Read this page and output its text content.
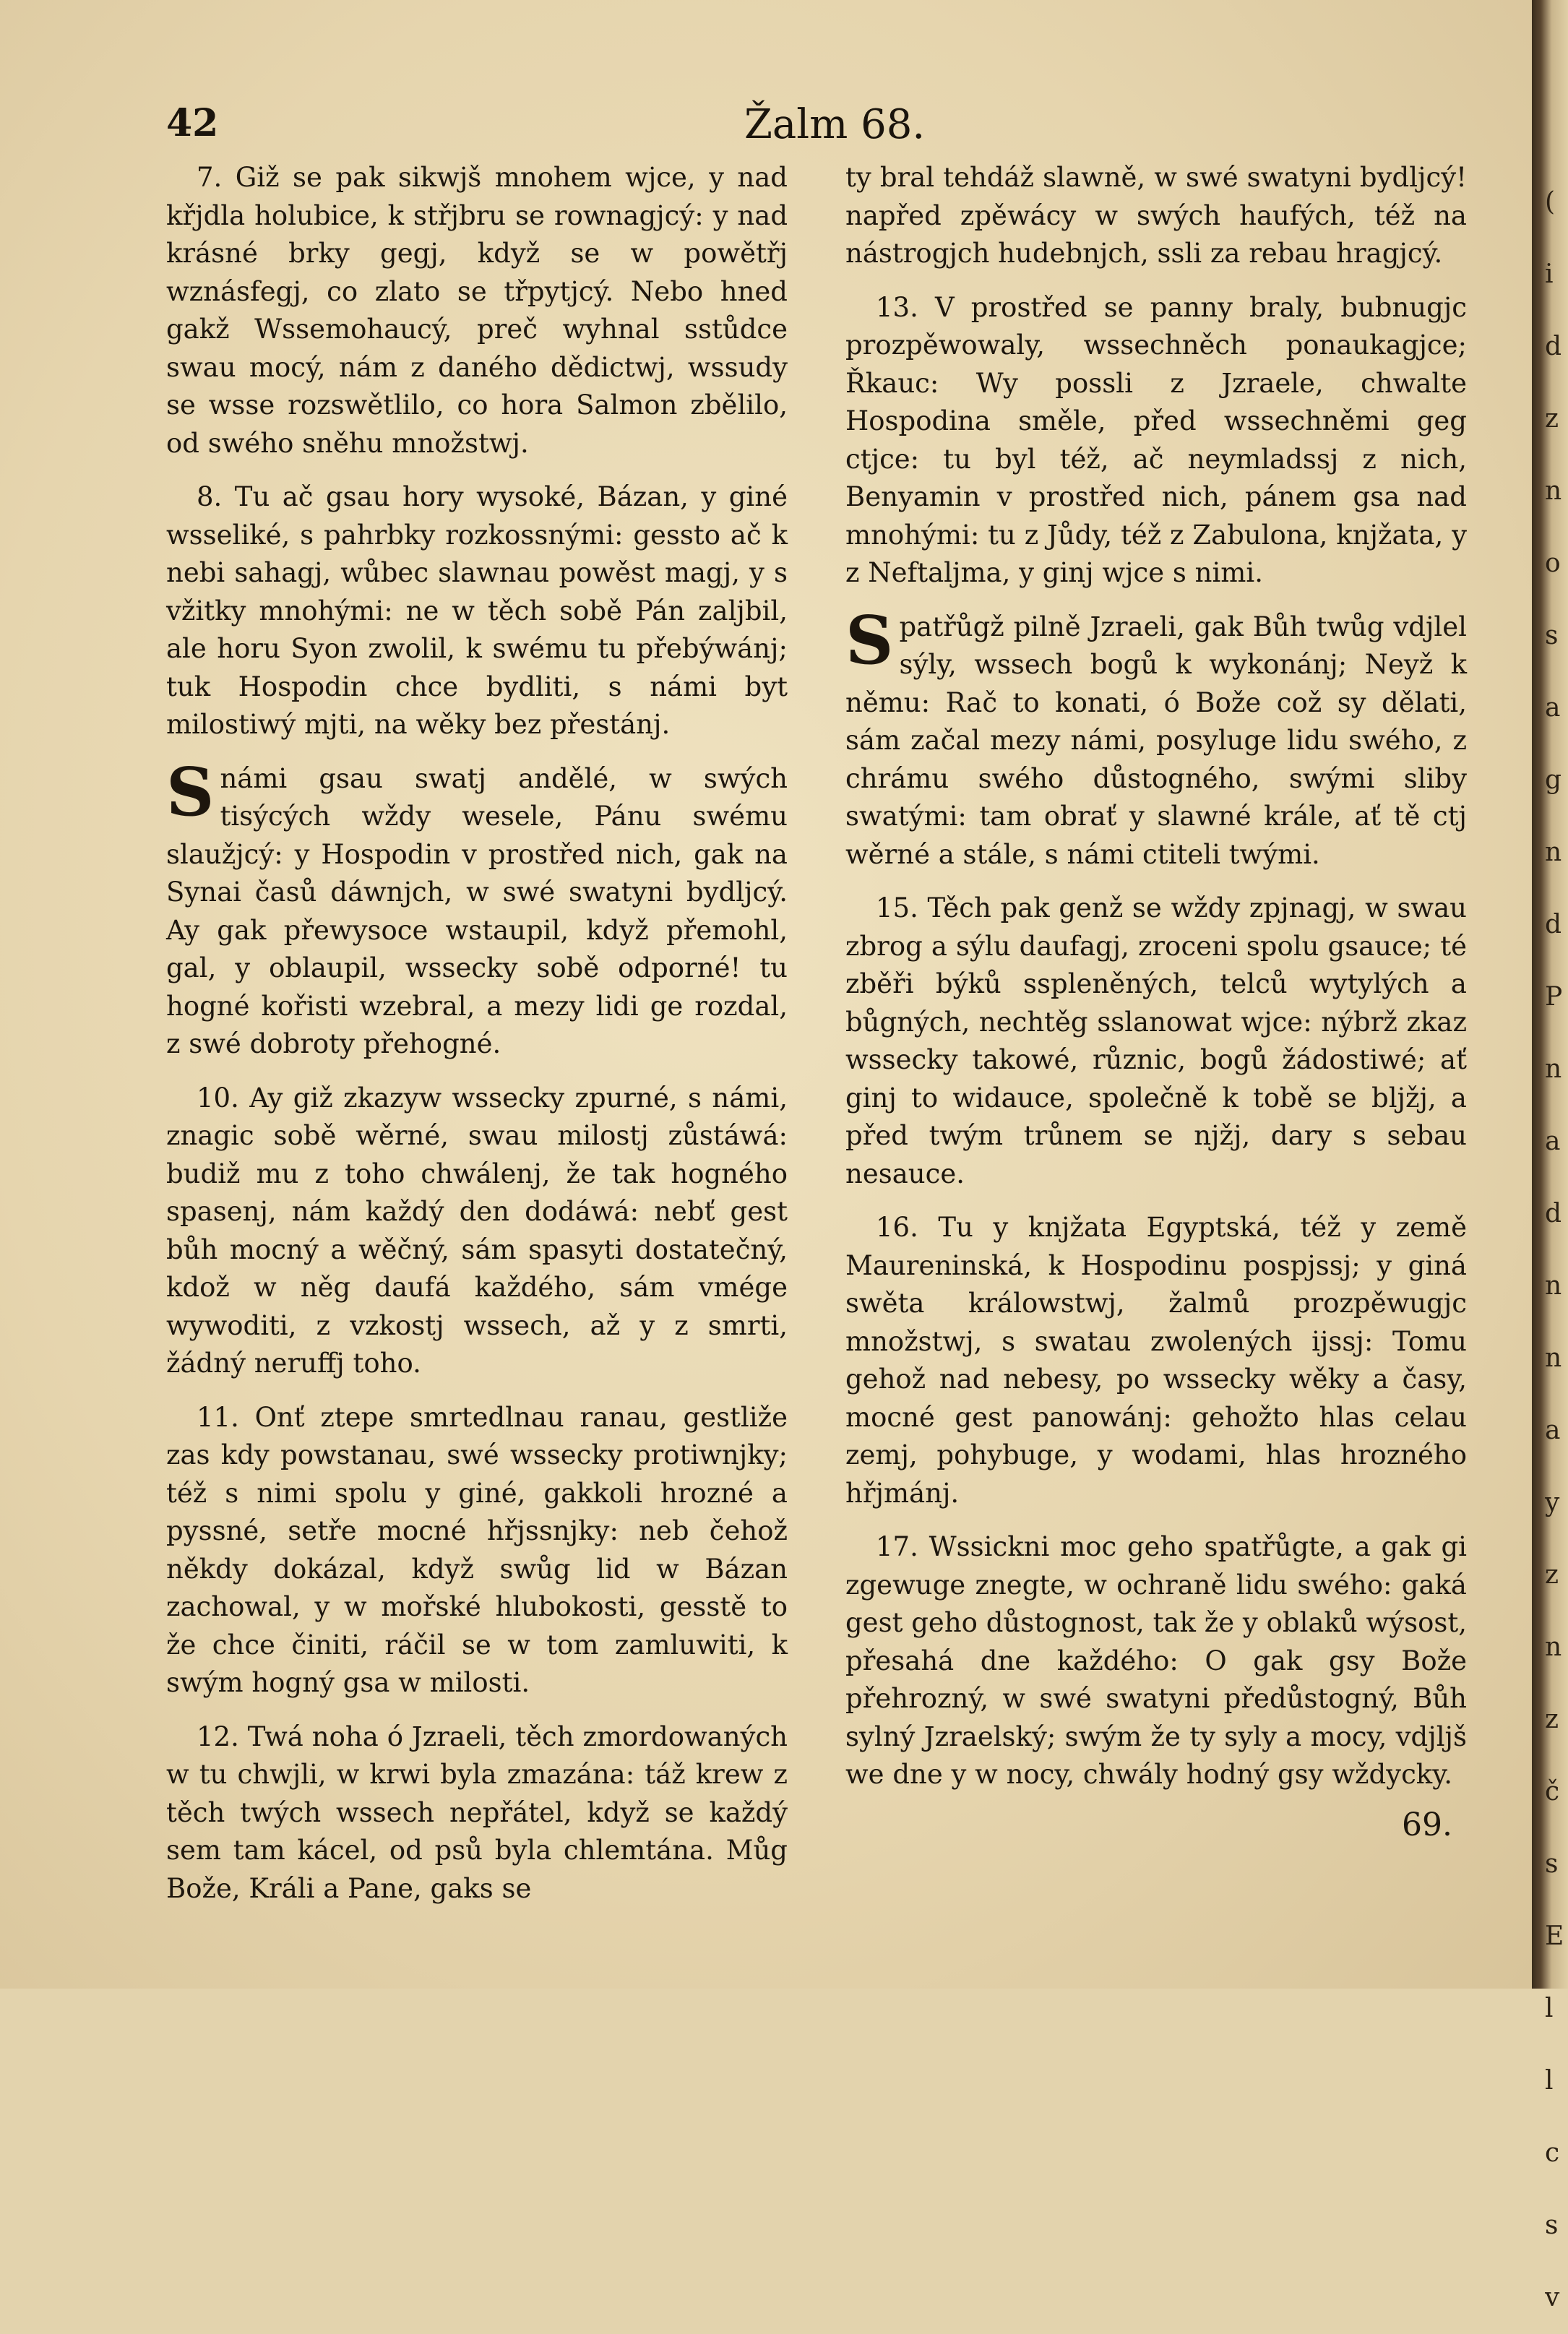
42	Žalm 68.

7. Giž se pak sikwjš mnohem wjce, y nad křjdla holubice, k střjbru se rownagjcý: y nad krásné brky gegj, když se w powětřj wznásfegj, co zlato se třpytjcý. Nebo hned gakž Wssemohaucý, preč wyhnal sstůdce swau mocý, nám z daného dědictwj, wssudy se wsse rozswětlilo, co hora Salmon zbělilo, od swého sněhu množstwj.

8. Tu ač gsau hory wysoké, Bázan, y giné wsseliké, s pahrbky rozkossnými: gessto ač k nebi sahagj, wůbec slawnau powěst magj, y s vžitky mnohými: ne w těch sobě Pán zaljbil, ale horu Syon zwolil, k swému tu přebýwánj; tuk Hospodin chce bydliti, s námi byt milostiwý mjti, na wěky bez přestánj.

Snámi gsau swatj andělé, w swých tisýcých wždy wesele, Pánu swému slaužjcý: y Hospodin v prostřed nich, gak na Synai časů dáwnjch, w swé swatyni bydljcý. Ay gak přewysoce wstaupil, když přemohl, gal, y oblaupil, wssecky sobě odporné! tu hogné kořisti wzebral, a mezy lidi ge rozdal, z swé dobroty přehogné.

10. Ay giž zkazyw wssecky zpurné, s námi, znagic sobě wěrné, swau milostj zůstáwá: budiž mu z toho chwálenj, že tak hogného spasenj, nám každý den dodáwá: nebť gest bůh mocný a wěčný, sám spasyti dostatečný, kdož w něg daufá každého, sám vmége wywoditi, z vzkostj wssech, až y z smrti, žádný neruffj toho.

11. Onť ztepe smrtedlnau ranau, gestliže zas kdy powstanau, swé wssecky protiwnjky; též s nimi spolu y giné, gakkoli hrozné a pyssné, setře mocné hřjssnjky: neb čehož někdy dokázal, když swůg lid w Bázan zachowal, y w mořské hlubokosti, gesstě to že chce činiti, ráčil se w tom zamluwiti, k swým hogný gsa w milosti.

12. Twá noha ó Jzraeli, těch zmordowaných w tu chwjli, w krwi byla zmazána: táž krew z těch twých wssech nepřátel, když se každý sem tam kácel, od psů byla chlemtána. Můg Bože, Králi a Pane, gaks se

ty bral tehdáž slawně, w swé swatyni bydljcý! napřed zpěwácy w swých haufých, též na nástrogjch hudebnjch, ssli za rebau hragjcý.

13. V prostřed se panny braly, bubnugjc prozpěwowaly, wssechněch ponaukagjce; Řkauc: Wy possli z Jzraele, chwalte Hospodina směle, před wssechněmi geg ctjce: tu byl též, ač neymladssj z nich, Benyamin v prostřed nich, pánem gsa nad mnohými: tu z Jůdy, též z Zabulona, knjžata, y z Neftaljma, y ginj wjce s nimi.

Spatřůgž pilně Jzraeli, gak Bůh twůg vdjlel sýly, wssech bogů k wykonánj; Neyž k němu: Rač to konati, ó Bože což sy dělati, sám začal mezy námi, posyluge lidu swého, z chrámu swého důstogného, swými sliby swatými: tam obrať y slawné krále, ať tě ctj wěrné a stále, s námi ctiteli twými.

15. Těch pak genž se wždy zpjnagj, w swau zbrog a sýlu daufagj, zroceni spolu gsauce; té zběři býků sspleněných, telců wytylých a bůgných, nechtěg sslanowat wjce: nýbrž zkaz wssecky takowé, různic, bogů žádostiwé; ať ginj to widauce, společně k tobě se bljžj, a před twým trůnem se njžj, dary s sebau nesauce.

16. Tu y knjžata Egyptská, též y země Maureninská, k Hospodinu pospjssj; y giná swěta králowstwj, žalmů prozpěwugjc množstwj, s swatau zwolených ijssj: Tomu gehož nad nebesy, po wssecky wěky a časy, mocné gest panowánj: gehožto hlas celau zemj, pohybuge, y wodami, hlas hrozného hřjmánj.

17. Wssickni moc geho spatřůgte, a gak gi zgewuge znegte, w ochraně lidu swého: gaká gest geho důstognost, tak že y oblaků wýsost, přesahá dne každého: O gak gsy Bože přehrozný, w swé swatyni předůstogný, Bůh sylný Jzraelský; swým že ty syly a mocy, vdjljš we dne y w nocy, chwály hodný gsy wždycky.

69.
(
i
d
z
n
o
s
a
g
n
d
P
n
a
d
n
n
a
y
z
n
z
č
s
E
l
l
c
s
v
